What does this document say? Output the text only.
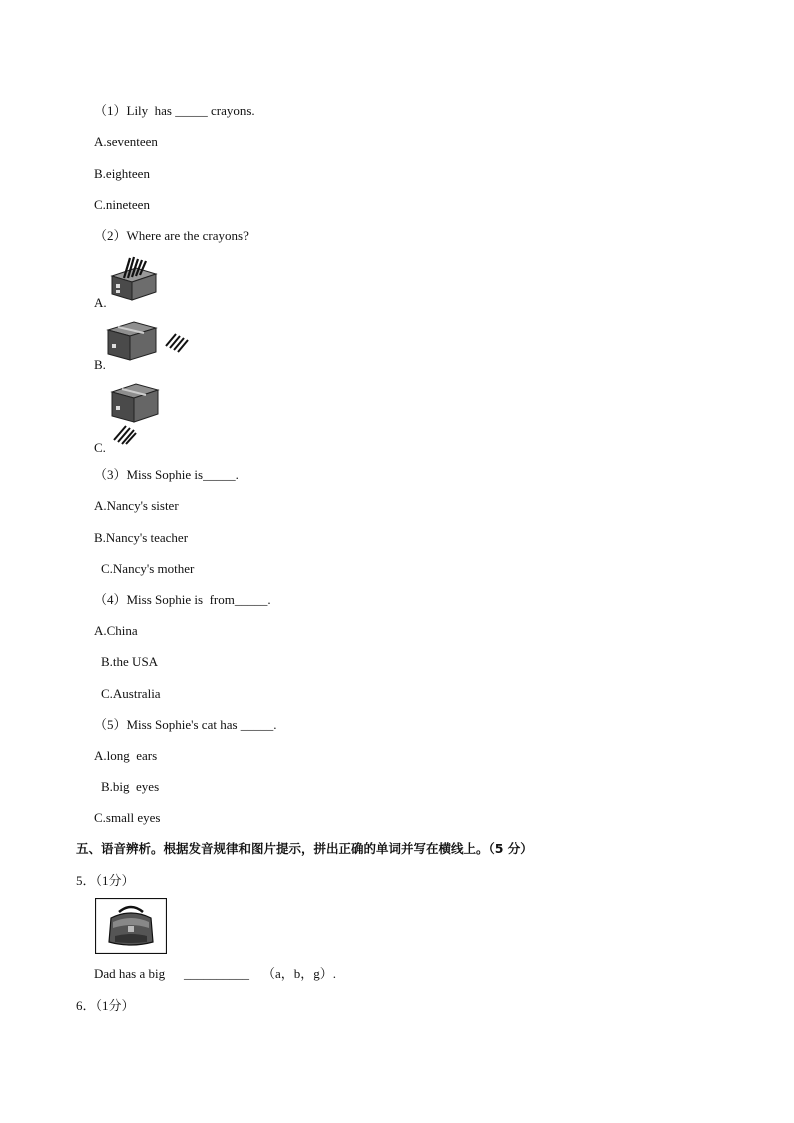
（1）Lily  has _____ crayons.
A.seventeen
B.eighteen
C.nineteen
（2）Where are the crayons?
A.
B.
C.
（3）Miss Sophie is_____.
A.Nancy's sister
B.Nancy's teacher
C.Nancy's mother
（4）Miss Sophie is  from_____.
A.China
B.the USA
C.Australia
（5）Miss Sophie's cat has _____.
A.long  ears
B.big  eyes
C.small eyes
五、语音辨析。根据发音规律和图片提示，拼出正确的单词并写在横线上。（5 分）
5．（1分）
Dad has a big __________ （a，b，g）.
6．（1分）
